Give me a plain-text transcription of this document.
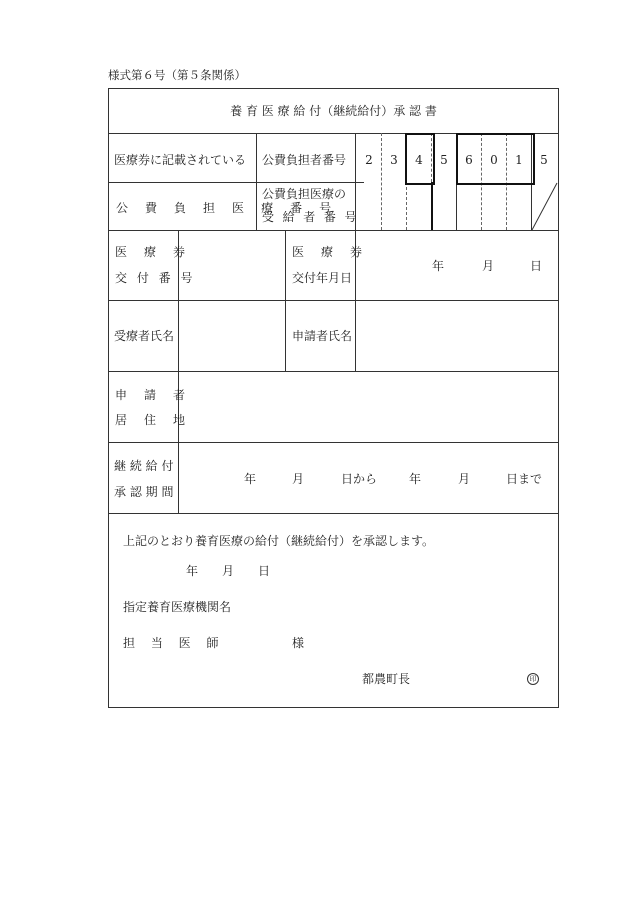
様式第６号（第５条関係）
養 育 医 療 給 付（継続給付）承 認 書
医療券に記載されている 公費負担者番号
公 費 負 担 医 療 番 号
公費負担医療の
受 給 者 番 号
2	3	4	5	6	0	1	5
医 療 券
交 付 番 号
医 療 券
交付年月日
年	月	日
受療者氏名	申請者氏名
申 請 者
居 住 地
継 続 給 付
承 認 期 間
年	月	日から	年	月	日まで
上記のとおり養育医療の給付（継続給付）を承認します。
年 月 日
指定養育医療機関名
担　 当　 医　 師	様
都農町長	印
